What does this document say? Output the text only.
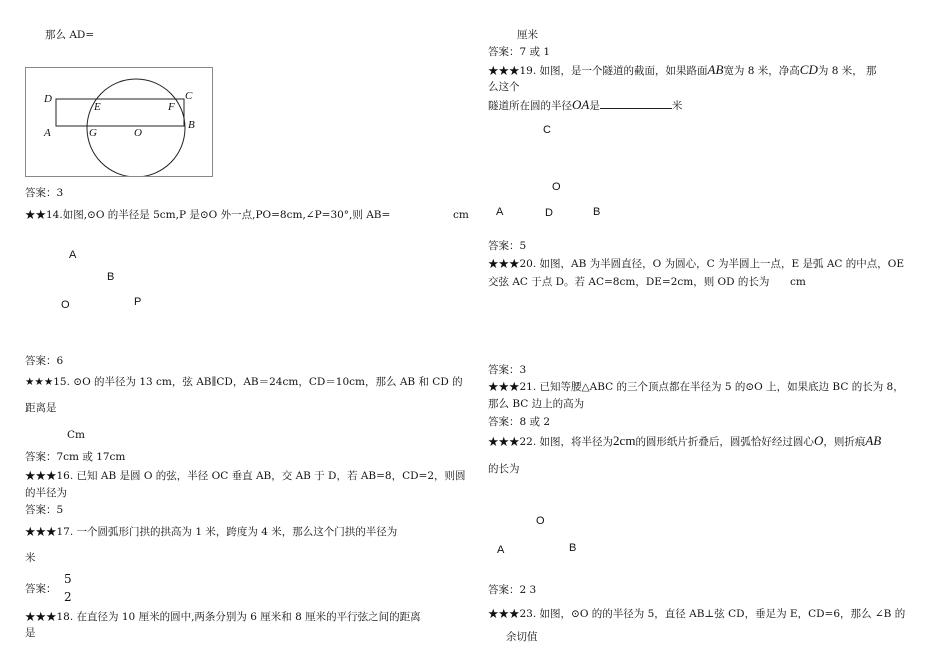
那么 AD=
D
E	F
C
A	G	O
B
答案：3
★★14.如图,⊙O 的半径是 5cm,P 是⊙O 外一点,PO=8cm,∠P=30°,则 AB=	cm
A
B
O	P
答案：6
★★★15. ⊙O 的半径为 13 cm，弦 AB∥CD，AB＝24cm，CD＝10cm，那么 AB 和 CD 的
距离是
Cm
答案：7cm 或 17cm
★★★16. 已知 AB 是圆 O 的弦，半径 OC 垂直 AB，交 AB 于 D，若 AB=8，CD=2，则圆
的半径为
答案：5
★★★17. 一个圆弧形门拱的拱高为 1 米，跨度为 4 米，那么这个门拱的半径为
米
答案：
5
2
★★★18. 在直径为 10 厘米的圆中,两条分别为 6 厘米和 8 厘米的平行弦之间的距离
是
厘米
答案：7 或 1
★★★19. 如图，是一个隧道的截面，如果路面AB宽为 8 米，净高CD为 8 米， 那
么这个
隧道所在圆的半径OA是	米
C
O
A	D	B
答案：5
★★★20. 如图，AB 为半圆直径，O 为圆心，C 为半圆上一点，E 是弧 AC 的中点，OE
交弦 AC 于点 D。若 AC=8cm，DE=2cm，则 OD 的长为 cm
答案：3
★★★21. 已知等腰△ABC 的三个顶点都在半径为 5 的⊙O 上，如果底边 BC 的长为 8，
那么 BC 边上的高为
答案：8 或 2
★★★22. 如图，将半径为2cm的圆形纸片折叠后，圆弧恰好经过圆心O，则折痕AB
的长为
O
A	B
答案：2 3
★★★23. 如图，⊙O 的的半径为 5，直径 AB⊥弦 CD，垂足为 E，CD=6，那么 ∠B 的
余切值
